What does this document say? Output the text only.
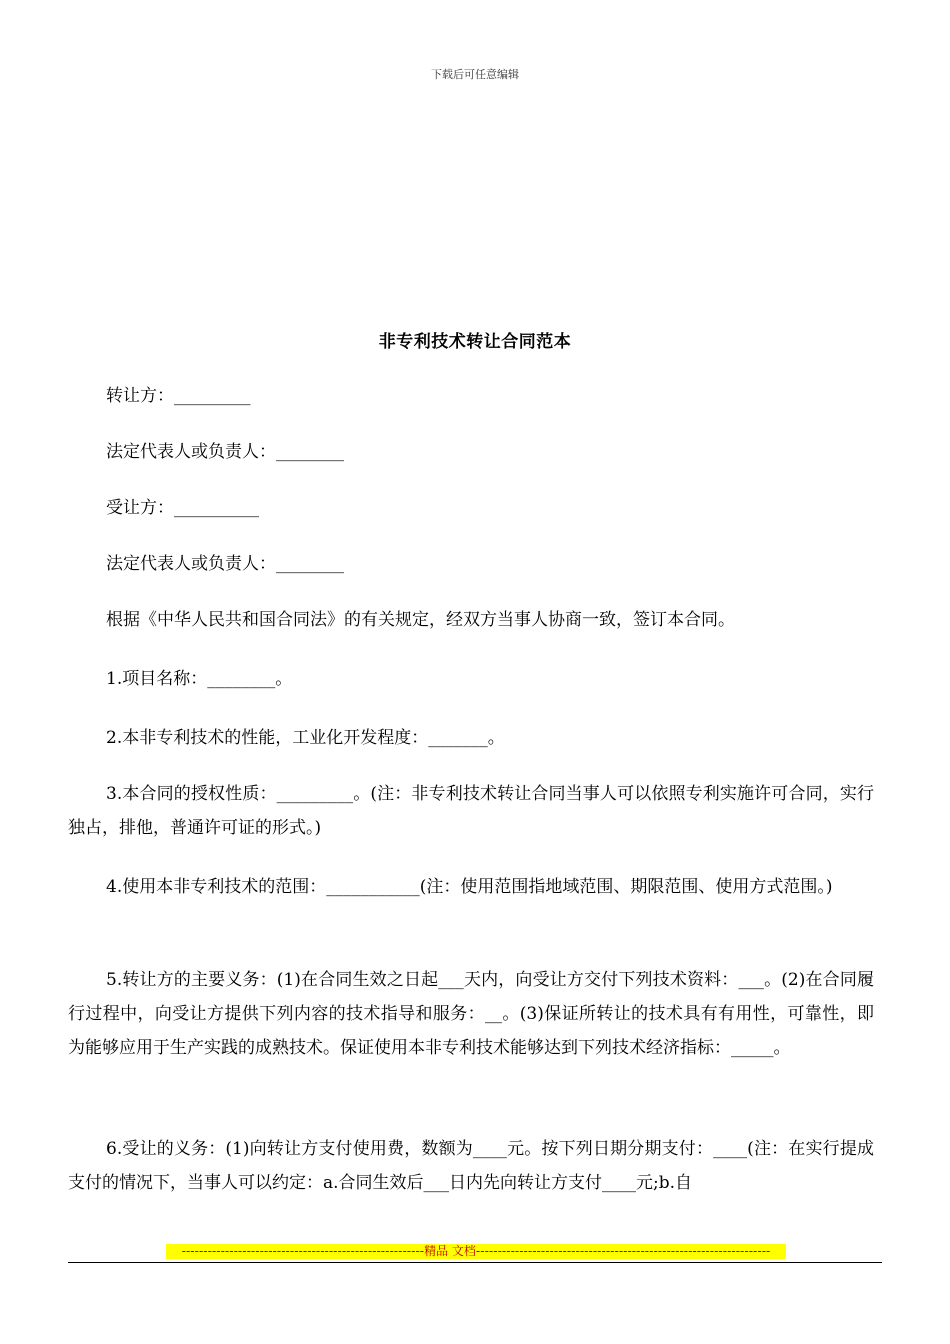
下载后可任意编辑
非专利技术转让合同范本

转让方：_________

法定代表人或负责人：________

受让方：__________

法定代表人或负责人：________

根据《中华人民共和国合同法》的有关规定，经双方当事人协商一致，签订本合同。

1.项目名称：________。

2.本非专利技术的性能，工业化开发程度：_______。

3.本合同的授权性质：_________。(注：非专利技术转让合同当事人可以依照专利实施许可合同，实行独占，排他，普通许可证的形式。)

4.使用本非专利技术的范围：___________(注：使用范围指地域范围、期限范围、使用方式范围。)

5.转让方的主要义务：(1)在合同生效之日起___天内，向受让方交付下列技术资料：___。(2)在合同履行过程中，向受让方提供下列内容的技术指导和服务：__。(3)保证所转让的技术具有有用性，可靠性，即为能够应用于生产实践的成熟技术。保证使用本非专利技术能够达到下列技术经济指标：_____。

6.受让的义务：(1)向转让方支付使用费，数额为____元。按下列日期分期支付：____(注：在实行提成支付的情况下，当事人可以约定：a.合同生效后___日内先向转让方支付____元;b.自

--------------------------------------------------------精品 文档--------------------------------------------------------------------
